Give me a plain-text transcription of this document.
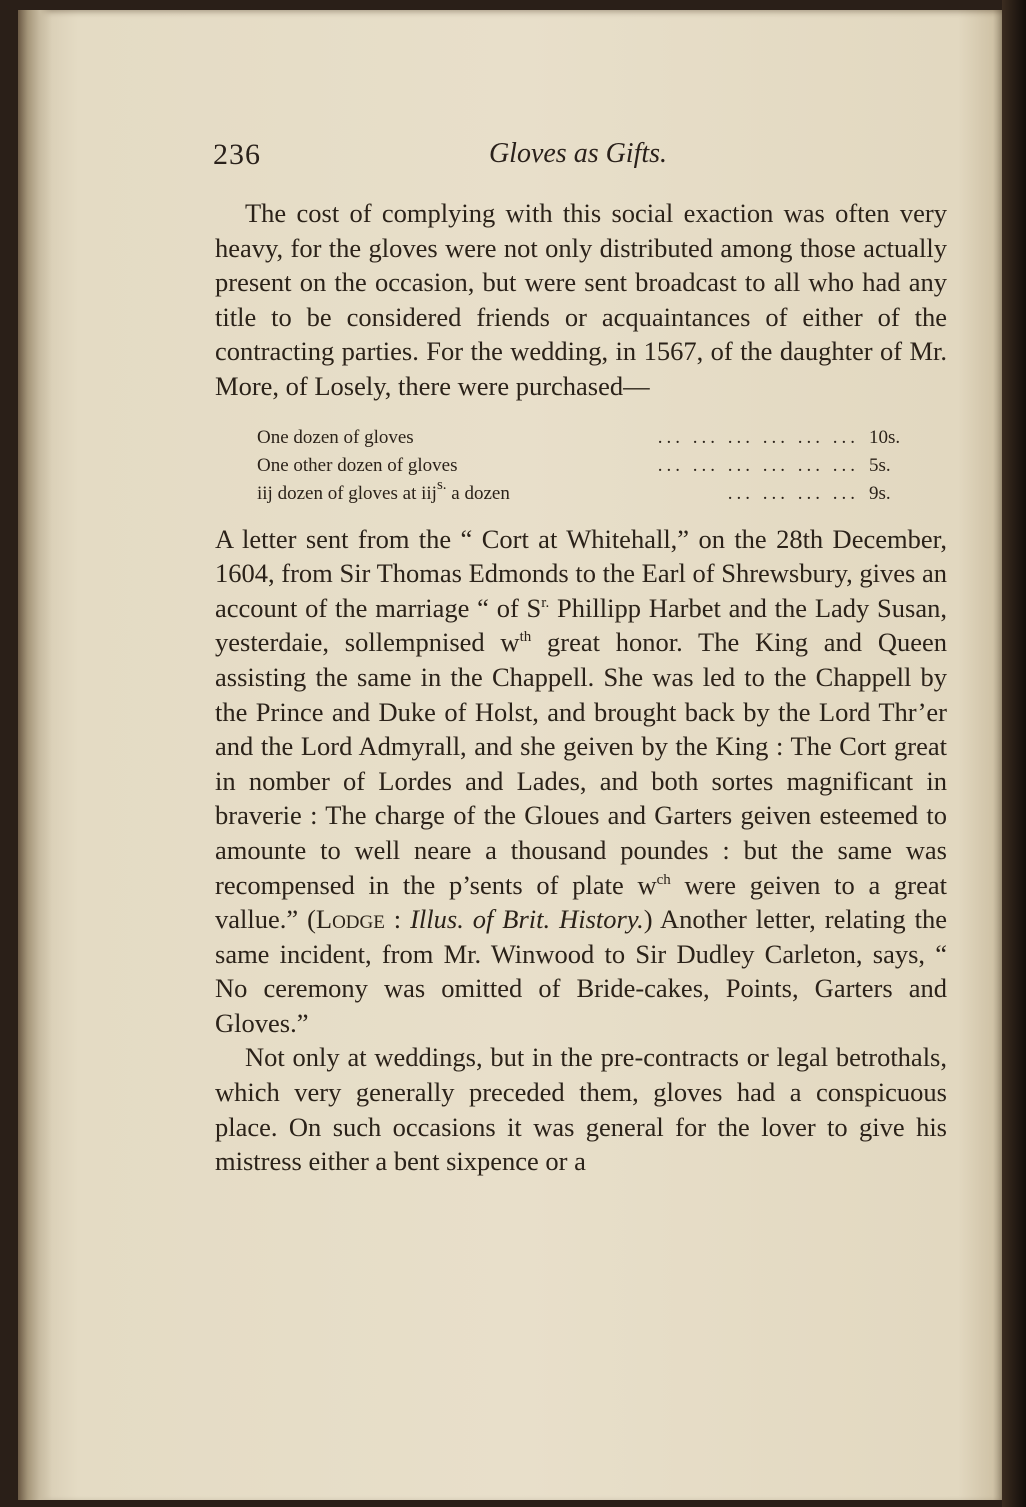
236	Gloves as Gifts.

The cost of complying with this social exaction was often very heavy, for the gloves were not only distributed among those actually present on the occasion, but were sent broadcast to all who had any title to be considered friends or acquaintances of either of the contracting parties. For the wedding, in 1567, of the daughter of Mr. More, of Losely, there were purchased—

One dozen of gloves	... ... ... ... ... ... 10s.
One other dozen of gloves	... ... ... ... ... ... 5s.
iij dozen of gloves at iij$^{s.}$ a dozen	... ... ... ... 9s.

A letter sent from the “ Cort at Whitehall,” on the 28th December, 1604, from Sir Thomas Edmonds to the Earl of Shrewsbury, gives an account of the marriage “ of $S^{r.}$ Phillipp Harbet and the Lady Susan, yesterdaie, sollempnised $w^{th}$ great honor. The King and Queen assisting the same in the Chappell. She was led to the Chappell by the Prince and Duke of Holst, and brought back by the Lord Thr’er and the Lord Admyrall, and she geiven by the King : The Cort great in nomber of Lordes and Lades, and both sortes magnificant in braverie : The charge of the Gloues and Garters geiven esteemed to amounte to well neare a thousand poundes : but the same was recompensed in the p’sents of plate $w^{ch}$ were geiven to a great vallue.” (Lodge : Illus. of Brit. History.) Another letter, relating the same incident, from Mr. Winwood to Sir Dudley Carleton, says, “ No ceremony was omitted of Bride-cakes, Points, Garters and Gloves.”

Not only at weddings, but in the pre-contracts or legal betrothals, which very generally preceded them, gloves had a conspicuous place. On such occasions it was general for the lover to give his mistress either a bent sixpence or a
